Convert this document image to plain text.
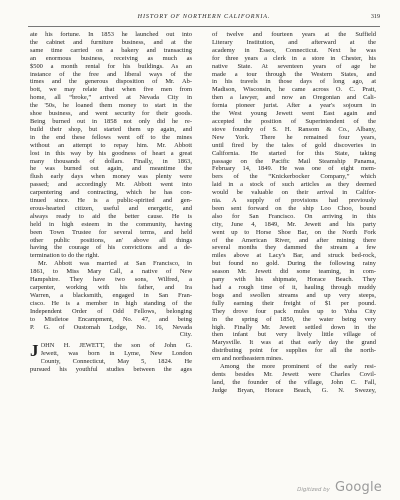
HISTORY OF NORTHERN CALIFORNIA.	319
ate his fortune. In 1853 he launched out into
the cabinet and furniture business, and at the
same time carried on a bakery and transacting
an enormous business, receiving as much as
$500 a month rental for his buildings. As an
instance of the free and liberal ways of the
times and the generous disposition of Mr. Ab-
bott, we may relate that when five men from
home, all “broke,” arrived at Nevada City in
the '50s, he loaned them money to start in the
shoe business, and went security for their goods.
Being burned out in 1858 not only did he re-
build their shop, but started them up again, and
in the end these fellows went off to the mines
without an attempt to repay him. Mr. Abbott
lost in this way by his goodness of heart a great
many thousands of dollars. Finally, in 1863,
he was burned out again, and meantime the
flush early days when money was plenty were
passed; and accordingly Mr. Abbott went into
carpentering and contracting, which he has con-
tinued since. He is a public-spirited and gen-
erous-hearted citizen, useful and energetic, and
always ready to aid the better cause. He is
held in high esteem in the community, having
been Town Trustee for several terms, and held
other public positions, an' above all things
having the courage of his convictions and a de-
termination to do the right.
Mr. Abbott was married at San Francisco, in
1861, to Miss Mary Call, a native of New
Hampshire. They have two sons, Wilfred, a
carpenter, working with his father, and Ira
Warren, a blacksmith, engaged in San Fran-
cisco. He is a member in high standing of the
Independent Order of Odd Fellows, belonging
to Mistletoe Encampment, No. 47, and being
P. G. of Oustomah Lodge, No. 16, Nevada
City.
J OHN H. JEWETT, the son of John G.
Jewett, was born in Lyme, New London
County, Connecticut, May 5, 1824. He
pursued his youthful studies between the ages
of twelve and fourteen years at the Suffield
Literary Institution, and afterward at the
academy in Essex, Connecticut. Next he was
for three years a clerk in a store in Chester, his
native State. At seventeen years of age he
made a tour through the Western States, and
in his travels in those days of long ago, at
Madison, Wisconsin, he came across O. C. Pratt,
then a lawyer, and now an Oregonian and Cali-
fornia pioneer jurist. After a year's sojourn in
the West young Jewett went East again and
accepted the position of Superintendent of the
stove foundry of S. H. Ransom & Co., Albany,
New York. There he remained four years,
until fired by the tales of gold discoveries in
California. He started for this State, taking
passage on the Pacific Mail Steamship Panama,
February 14, 1849. He was one of eight mem-
bers of the “Knickerbocker Company,” which
laid in a stock of such articles as they deemed
would be valuable on their arrival in Califor-
nia. A supply of provisions had previously
been sent forward on the ship Loo Choo, bound
also for San Francisco. On arriving in this
city, June 4, 1849, Mr. Jewett and his party
went up to Horse Shoe Bar, on the North Fork
of the American River, and after mining there
several months they dammed the stream a few
miles above at Lacy's Bar, and struck bed-rock,
but found no gold. During the following rainy
season Mr. Jewett did some teaming, in com-
pany with his shipmate, Horace Beach. They
had a rough time of it, hauling through muddy
bogs and swollen streams and up very steeps,
fully earning their freight of $1 per pound.
They drove four pack mules up to Yuba City
in the spring of 1850, the water being very
high. Finally Mr. Jewett settled down in the
then infant but very lively little village of
Marysville. It was at that early day the grand
distributing point for supplies for all the north-
ern and northeastern mines.
Among the more prominent of the early resi-
dents besides Mr. Jewett were Charles Covil-
land, the founder of the village, John C. Fall,
Judge Bryan, Horace Beach, G. N. Swezey,
Digitized by Google
